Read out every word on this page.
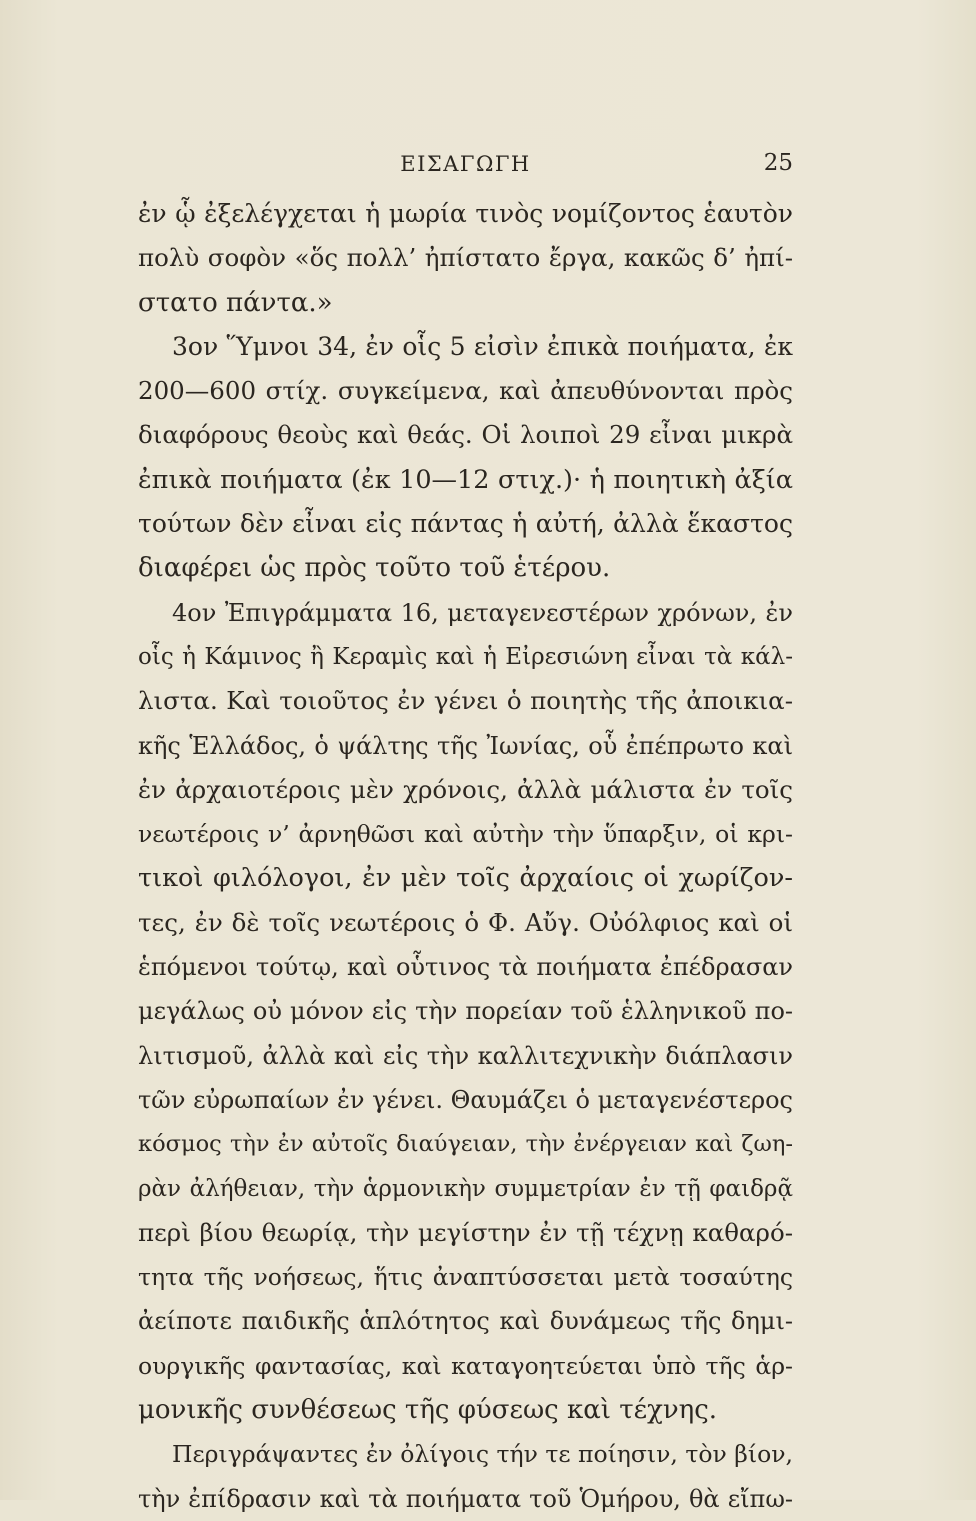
ΕΙΣΑΓΩΓΗ	25
ἐν ᾧ ἐξελέγχεται ἡ μωρία τινὸς νομίζοντος ἑαυτὸν
πολὺ σοφὸν «ὅς πολλ’ ἠπίστατο ἔργα, κακῶς δ’ ἠπί-
στατο πάντα.»
3ον Ὕμνοι 34, ἐν οἷς 5 εἰσὶν ἐπικὰ ποιήματα, ἐκ
200—600 στίχ. συγκείμενα, καὶ ἀπευθύνονται πρὸς
διαφόρους θεοὺς καὶ θεάς. Οἱ λοιποὶ 29 εἶναι μικρὰ
ἐπικὰ ποιήματα (ἐκ 10—12 στιχ.)· ἡ ποιητικὴ ἀξία
τούτων δὲν εἶναι εἰς πάντας ἡ αὐτή, ἀλλὰ ἕκαστος
διαφέρει ὡς πρὸς τοῦτο τοῦ ἑτέρου.
4ον Ἐπιγράμματα 16, μεταγενεστέρων χρόνων, ἐν
οἷς ἡ Κάμινος ἢ Κεραμὶς καὶ ἡ Εἰρεσιώνη εἶναι τὰ κάλ-
λιστα. Καὶ τοιοῦτος ἐν γένει ὁ ποιητὴς τῆς ἀποικια-
κῆς Ἑλλάδος, ὁ ψάλτης τῆς Ἰωνίας, οὗ ἐπέπρωτο καὶ
ἐν ἀρχαιοτέροις μὲν χρόνοις, ἀλλὰ μάλιστα ἐν τοῖς
νεωτέροις ν’ ἀρνηθῶσι καὶ αὐτὴν τὴν ὕπαρξιν, οἱ κρι-
τικοὶ φιλόλογοι, ἐν μὲν τοῖς ἀρχαίοις οἱ χωρίζον-
τες, ἐν δὲ τοῖς νεωτέροις ὁ Φ. Αὔγ. Οὐόλφιος καὶ οἱ
ἑπόμενοι τούτῳ, καὶ οὗτινος τὰ ποιήματα ἐπέδρασαν
μεγάλως οὐ μόνον εἰς τὴν πορείαν τοῦ ἑλληνικοῦ πο-
λιτισμοῦ, ἀλλὰ καὶ εἰς τὴν καλλιτεχνικὴν διάπλασιν
τῶν εὐρωπαίων ἐν γένει. Θαυμάζει ὁ μεταγενέστερος
κόσμος τὴν ἐν αὐτοῖς διαύγειαν, τὴν ἐνέργειαν καὶ ζωη-
ρὰν ἀλήθειαν, τὴν ἁρμονικὴν συμμετρίαν ἐν τῇ φαιδρᾷ
περὶ βίου θεωρίᾳ, τὴν μεγίστην ἐν τῇ τέχνῃ καθαρό-
τητα τῆς νοήσεως, ἥτις ἀναπτύσσεται μετὰ τοσαύτης
ἀείποτε παιδικῆς ἁπλότητος καὶ δυνάμεως τῆς δημι-
ουργικῆς φαντασίας, καὶ καταγοητεύεται ὑπὸ τῆς ἁρ-
μονικῆς συνθέσεως τῆς φύσεως καὶ τέχνης.
Περιγράψαντες ἐν ὀλίγοις τήν τε ποίησιν, τὸν βίον,
τὴν ἐπίδρασιν καὶ τὰ ποιήματα τοῦ Ὁμήρου, θὰ εἴπω-
